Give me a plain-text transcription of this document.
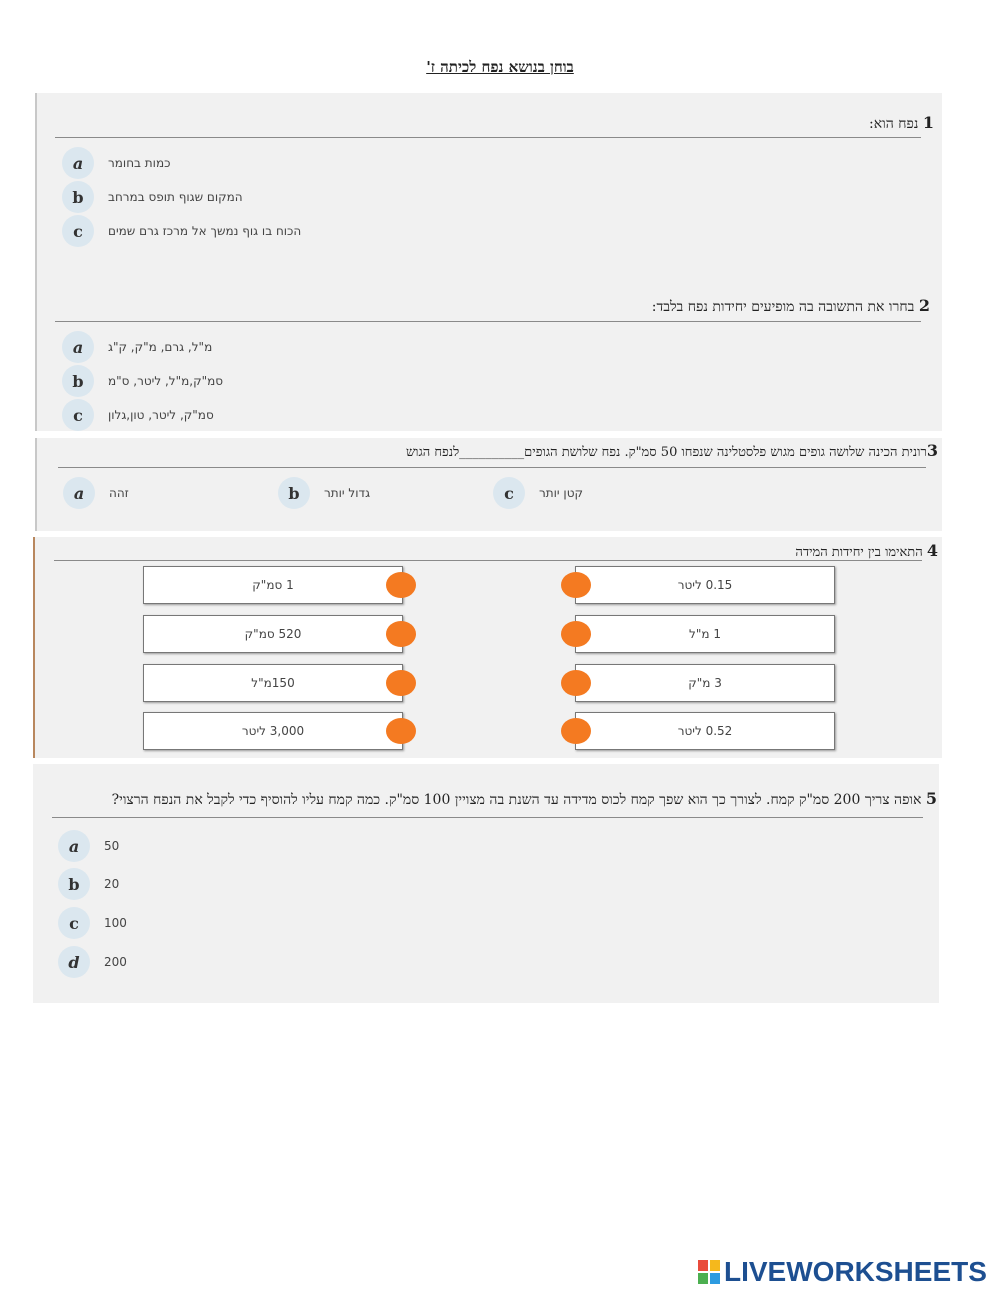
בוחן בנושא נפח לכיתה ז'
1 נפח הוא:
a	כמות בחומר
b	המקום שגוף תופס במרחב
c	הכוח בו גוף נמשך אל מרכז גרם שמים
2 בחרו את התשובה בה מופיעים יחידות נפח בלבד:
a	מ"ל, גרם, מ"ק, ק"ג
b	סמ"ק,מ"ל, ליטר, ס"מ
c	סמ"ק, ליטר, טון,גלון
3רונית הכינה שלושה גופים מגוש פלסטלינה שנפחו 50 סמ"ק. נפח שלושת הגופים__________לנפח הגוש
a	זהה	b	גדול יותר	c	קטן יותר
4 התאימו בין יחידות המידה
1 סמ"ק
520 סמ"ק
150מ"ל
3,000 ליטר
0.15 ליטר
1 מ"ל
3 מ"ק
0.52 ליטר
5 אופה צריך 200 סמ"ק קמח. לצורך כך הוא שפך קמח לכוס מדידה עד השנת בה מצויין 100 סמ"ק. כמה קמח עליו להוסיף כדי לקבל את הנפח הרצוי?
a	50
b	20
c	100
d	200
LIVEWORKSHEETS
